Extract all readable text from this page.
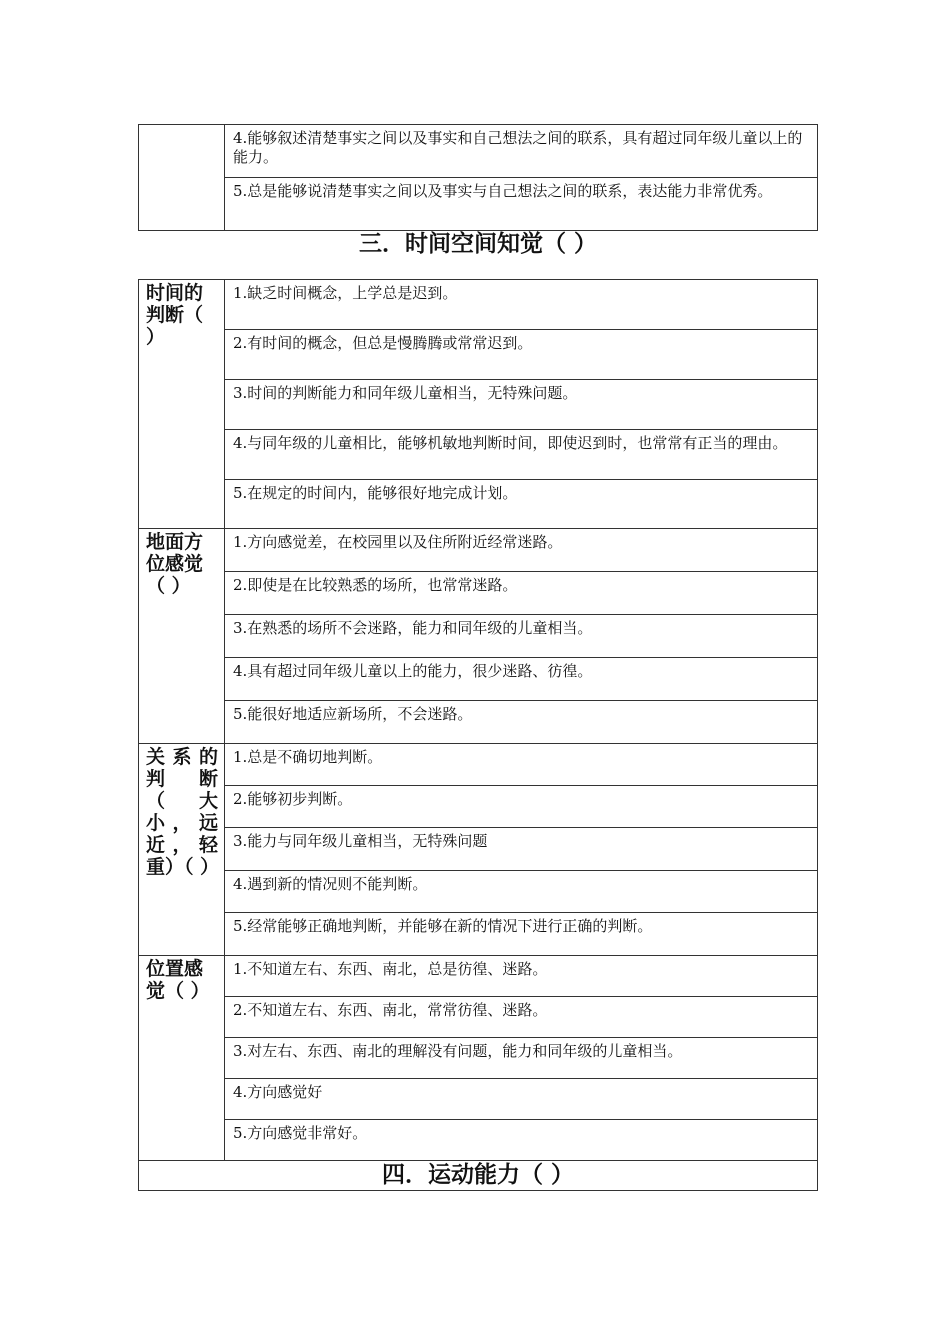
4.能够叙述清楚事实之间以及事实和自己想法之间的联系，具有超过同年级儿童以上的能力。

5.总是能够说清楚事实之间以及事实与自己想法之间的联系，表达能力非常优秀。
三．时间空间知觉（ ）
时间的判断（ ）	1.缺乏时间概念，上学总是迟到。

	2.有时间的概念，但总是慢腾腾或常常迟到。

	3.时间的判断能力和同年级儿童相当，无特殊问题。

	4.与同年级的儿童相比，能够机敏地判断时间，即使迟到时，也常常有正当的理由。

	5.在规定的时间内，能够很好地完成计划。

地面方位感觉（ ）	1.方向感觉差，在校园里以及住所附近经常迷路。

	2.即使是在比较熟悉的场所，也常常迷路。

	3.在熟悉的场所不会迷路，能力和同年级的儿童相当。

	4.具有超过同年级儿童以上的能力，很少迷路、彷徨。

	5.能很好地适应新场所，不会迷路。

关系的判断（大小，远近，轻重）（ ）	1.总是不确切地判断。

	2.能够初步判断。

	3.能力与同年级儿童相当，无特殊问题

	4.遇到新的情况则不能判断。

	5.经常能够正确地判断，并能够在新的情况下进行正确的判断。

位置感觉（ ）	1.不知道左右、东西、南北，总是彷徨、迷路。

	2.不知道左右、东西、南北，常常彷徨、迷路。

	3.对左右、东西、南北的理解没有问题，能力和同年级的儿童相当。

	4.方向感觉好

	5.方向感觉非常好。

四．运动能力（ ）	
